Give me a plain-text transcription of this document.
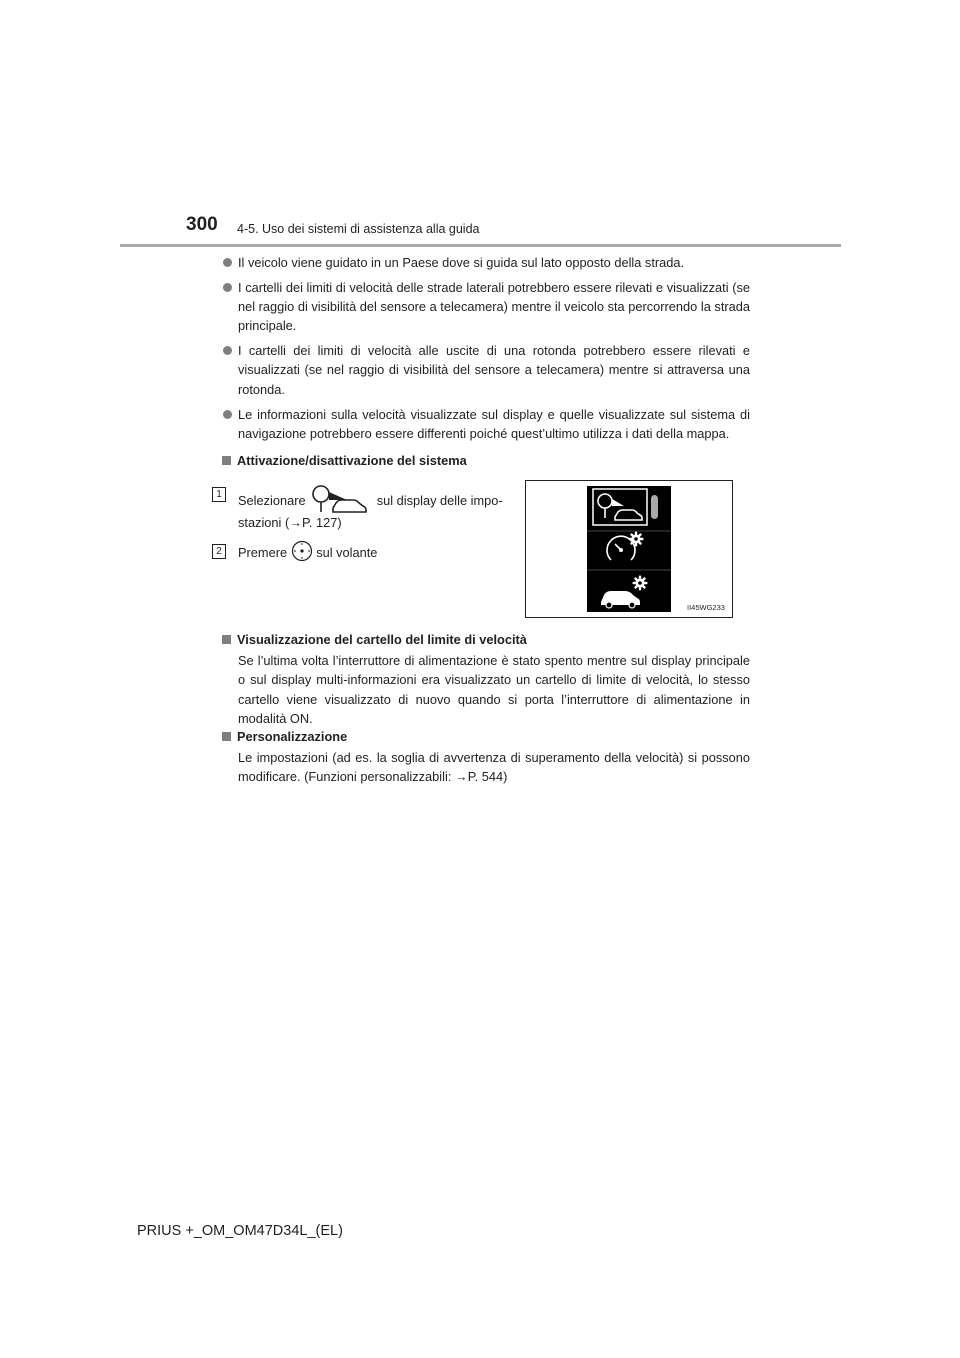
300 4-5. Uso dei sistemi di assistenza alla guida
Il veicolo viene guidato in un Paese dove si guida sul lato opposto della strada.
I cartelli dei limiti di velocità delle strade laterali potrebbero essere rilevati e visualizzati (se nel raggio di visibilità del sensore a telecamera) mentre il veicolo sta percorrendo la strada principale.
I cartelli dei limiti di velocità alle uscite di una rotonda potrebbero essere rilevati e visualizzati (se nel raggio di visibilità del sensore a telecamera) mentre si attraversa una rotonda.
Le informazioni sulla velocità visualizzate sul display e quelle visualizzate sul sistema di navigazione potrebbero essere differenti poiché quest’ultimo utilizza i dati della mappa.
Attivazione/disattivazione del sistema
1	Selezionare	sul display delle impo-
stazioni (→P. 127)
2	Premere sul volante
II45WG233
Visualizzazione del cartello del limite di velocità
Se l’ultima volta l’interruttore di alimentazione è stato spento mentre sul display principale o sul display multi-informazioni era visualizzato un cartello di limite di velocità, lo stesso cartello viene visualizzato di nuovo quando si porta l’interruttore di alimentazione in modalità ON.
Personalizzazione
Le impostazioni (ad es. la soglia di avvertenza di superamento della velocità) si possono modificare. (Funzioni personalizzabili: →P. 544)
PRIUS +_OM_OM47D34L_(EL)
